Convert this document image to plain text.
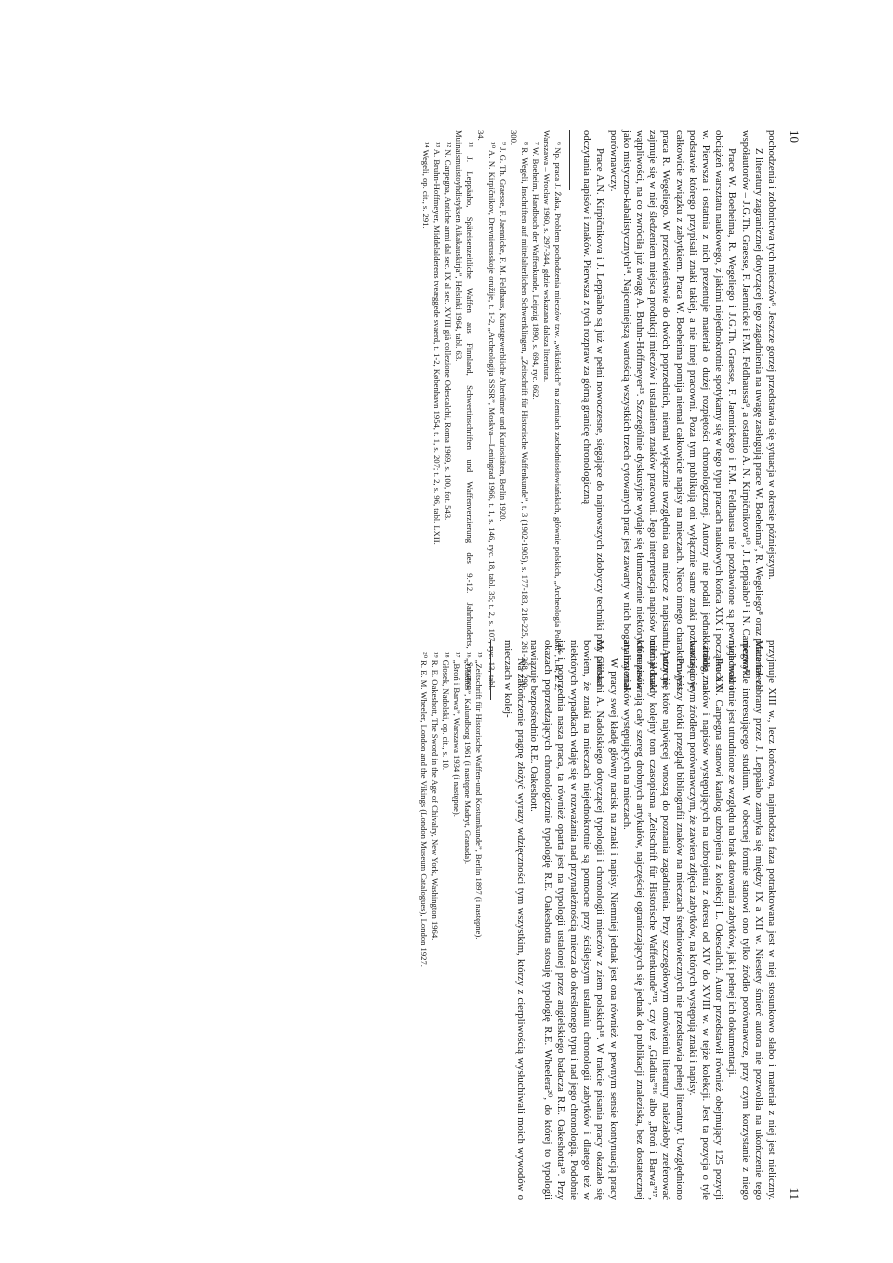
10

pochodzenia i zdobnictwa tych mieczów⁶. Jeszcze gorzej przedstawia się sytuacja w okresie późniejszym.

Z literatury zagranicznej dotyczącej tego zagadnienia na uwagę zasługują prace W. Boeheima⁷, R. Wegeliego⁸ oraz praca trzech współautorów – J.G.Th. Graesse, F. Jaennicke i F.M. Feldhaussa⁹, a ostatnio A. N. Kirpičnikova¹⁰, J. Leppäaho¹¹ i N. Carpegna¹².

Prace W. Boeheima, R. Wegeliego i J.G.Th. Graesse, F. Jaennickego i F.M. Feldhausa nie pozbawione są pewnych wad i obciążeń warsztatu naukowego, z jakimi niejednokrotnie spotykamy się w tego typu pracach naukowych końca XIX i początku XX w. Pierwsza i ostatnia z nich prezentuje materiał o dużej rozpiętości chronologicznej. Autorzy nie podali jednak źródła, na podstawie którego przypisali znaki takiej, a nie innej pracowni. Poza tym publikują oni wyłącznie same znaki pozbawiając je całkowicie związku z zabytkiem. Praca W. Boeheima pomija niemal całkowicie napisy na mieczach. Nieco innego charakteru jest praca R. Wegeliego. W przeciwieństwie do dwóch poprzednich, niemal wyłącznie uwzględnia ona miecze z napisami. Autor nie zajmuje się w niej śledzeniem miejsca produkcji mieczów i ustalaniem znaków pracowni. Jego interpretacja napisów budzi jednak wątpliwości, na co zwróciła już uwagę A. Bruhn-Hoffmeyer¹³. Szczególnie dyskusyjne wydaje się tłumaczenie niektórych napisów jako mistyczno-kabalistycznych¹⁴. Najcenniejszą wartością wszystkich trzech cytowanych prac jest zawarty w nich bogaty materiał porównawczy.

Prace A.N. Kirpičnikova i J. Leppäaho są już w pełni nowoczesne, sięgające do najnowszych zdobyczy techniki przy próbach odczytania napisów i znaków. Pierwsza z tych rozpraw za górną granicę chronologiczną

⁶ Np. praca J. Żaka, Problem pochodzenia mieczów tzw. „wikińskich” na ziemiach zachodniosłowiańskich, głównie polskich, „Archeologia Polski”, t. 4, z. 2, Warszawa – Wrocław 1960, s. 297-344, gdzie wskazana dalsza literatura.

⁷ W. Boeheim, Handbuch der Waffenkunde, Leipzig 1890, s. 694, ryc. 662.

⁸ R. Wegeli, Inschriften auf mittelalterlichen Schwertklingen, „Zeitschrift für Historische Waffenkunde”, t. 3 (1902-1905), s. 177-183, 218-225, 261-268, 290-300.

⁹ J. G. Th. Graesse, F. Jaennicke, F. M. Feldhaus, Kunstgewerbliche Altertümer und Kuriositäten, Berlin 1920.

¹⁰ A. N. Kirpičnikov, Drevnierusskoje oružije, t. 1-2, „Archeologija SSSR”, Moskva—Leningrad 1966, t. 1, s. 146, ryc. 18, tabl. 35; t. 2, s. 107, ryc. 13, tabl. 34.

¹¹ J. Leppäaho, Späteisenzeitliche Waffen aus Finnland, Schwertinschriften und Waffenverzierung des 9.-12. Jahrhunderts, „Suomen Muinaismuistoyhdistyksen Aikakauskirja”, Helsinki 1964, tabl. 63.

¹² N. Carpegna, Antiche armi dal sec. IX al sec. XVIII già collezione Odescalchi, Roma 1969, s. 100, fot. 543.

¹³ A. Bruhn-Hoffmeyer, Middelalderens tveæggede svaerd, t. 1-2, København 1954, t. 1, s. 207; t. 2, s. 96, tabl. LXII.

¹⁴ Wegeli, op. cit., s. 291.

11

przyjmuje XIII w., lecz końcowa, najmłodsza faza potraktowana jest w niej stosunkowo słabo i materiał z niej jest nieliczny. Materiał zebrany przez J. Leppäaho zamyka się między IX a XII w. Niestety śmierć autora nie pozwoliła na ukończenie tego niezwykle interesującego studium. W obecnej formie stanowi ono tylko źródło porównawcze, przy czym korzystanie z niego niejednokrotnie jest utrudnione ze względu na brak datowania zabytków, jak i pełnej ich dokumentacji.

Praca N. Carpegna stanowi katalog uzbrojenia z kolekcji L. Odescalchi. Autor przedstawił również obejmujący 125 pozycji katalog znaków i napisów występujących na uzbrojeniu z okresu od XIV do XVIII w. w tejże kolekcji. Jest ta pozycja o tyle wartościowym źródłem porównawczym, że zawiera zdjęcia zabytków, na których występują znaki i napisy.

Powyższy krótki przegląd bibliografii znaków na mieczach średniowiecznych nie przedstawia pełnej literatury. Uwzględniono tu pozycje, które najwięcej wnoszą do poznania zagadnienia. Przy szczegółowym omówieniu literatury należałoby zreferować niemal każdy kolejny tom czasopisma „Zeitschrift für Historische Waffenkunde”¹⁵, czy też „Gladius”¹⁶ albo „Broń i Barwa”¹⁷, które zawierają cały szereg drobnych artykułów, najczęściej ograniczających się jednak do publikacji znaleziska, bez dostatecznej analizy znaków występujących na mieczach.

W pracy swej kładę główny nacisk na znaki i napisy. Niemniej jednak jest ona również w pewnym sensie kontynuacją pracy M. Głoska i A. Nadolskiego dotyczącej typologii i chronologii mieczów z ziem polskich¹⁸. W trakcie pisania pracy okazało się bowiem, że znaki na mieczach niejednokrotnie są pomocne przy ściślejszym ustalaniu chronologii zabytków i dlatego też w niektórych wypadkach wdaję się w rozważania nad przynależnością miecza do określonego typu i nad jego chronologią. Podobnie jak i poprzednia nasza praca, ta również oparta jest na typologii ustalonej przez angielskiego badacza R.E. Oakeshotta¹⁹. Przy okazach poprzedzających chronologicznie typologię R.E. Oakeshotta stosuję typologię R.E. Wheelera²⁰, do której to typologii nawiązuje bezpośrednio R.E. Oakeshott.

Na zakończenie pragnę złożyć wyrazy wdzięczności tym wszystkim, którzy z cierpliwością wysłuchiwali moich wywodów o mieczach w kolej-

¹⁵ „Zeitschrift für Historische Waffen-und Kostumkunde”, Berlin 1897 (i następne).

¹⁶ „Gladius”, Kalundborg 1961 (i następne Madryt, Granada).

¹⁷ „Broń i Barwa”, Warszawa 1934 (i następne).

¹⁸ Głosek, Nadolski, op. cit., s. 10.

¹⁹ R. E. Oakeshott, The Sword in the Age of Chivalry, New York, Washington 1964.

²⁰ R. E. M. Wheeler, London and the Vikings (London Museum Catalogues), London 1927.
